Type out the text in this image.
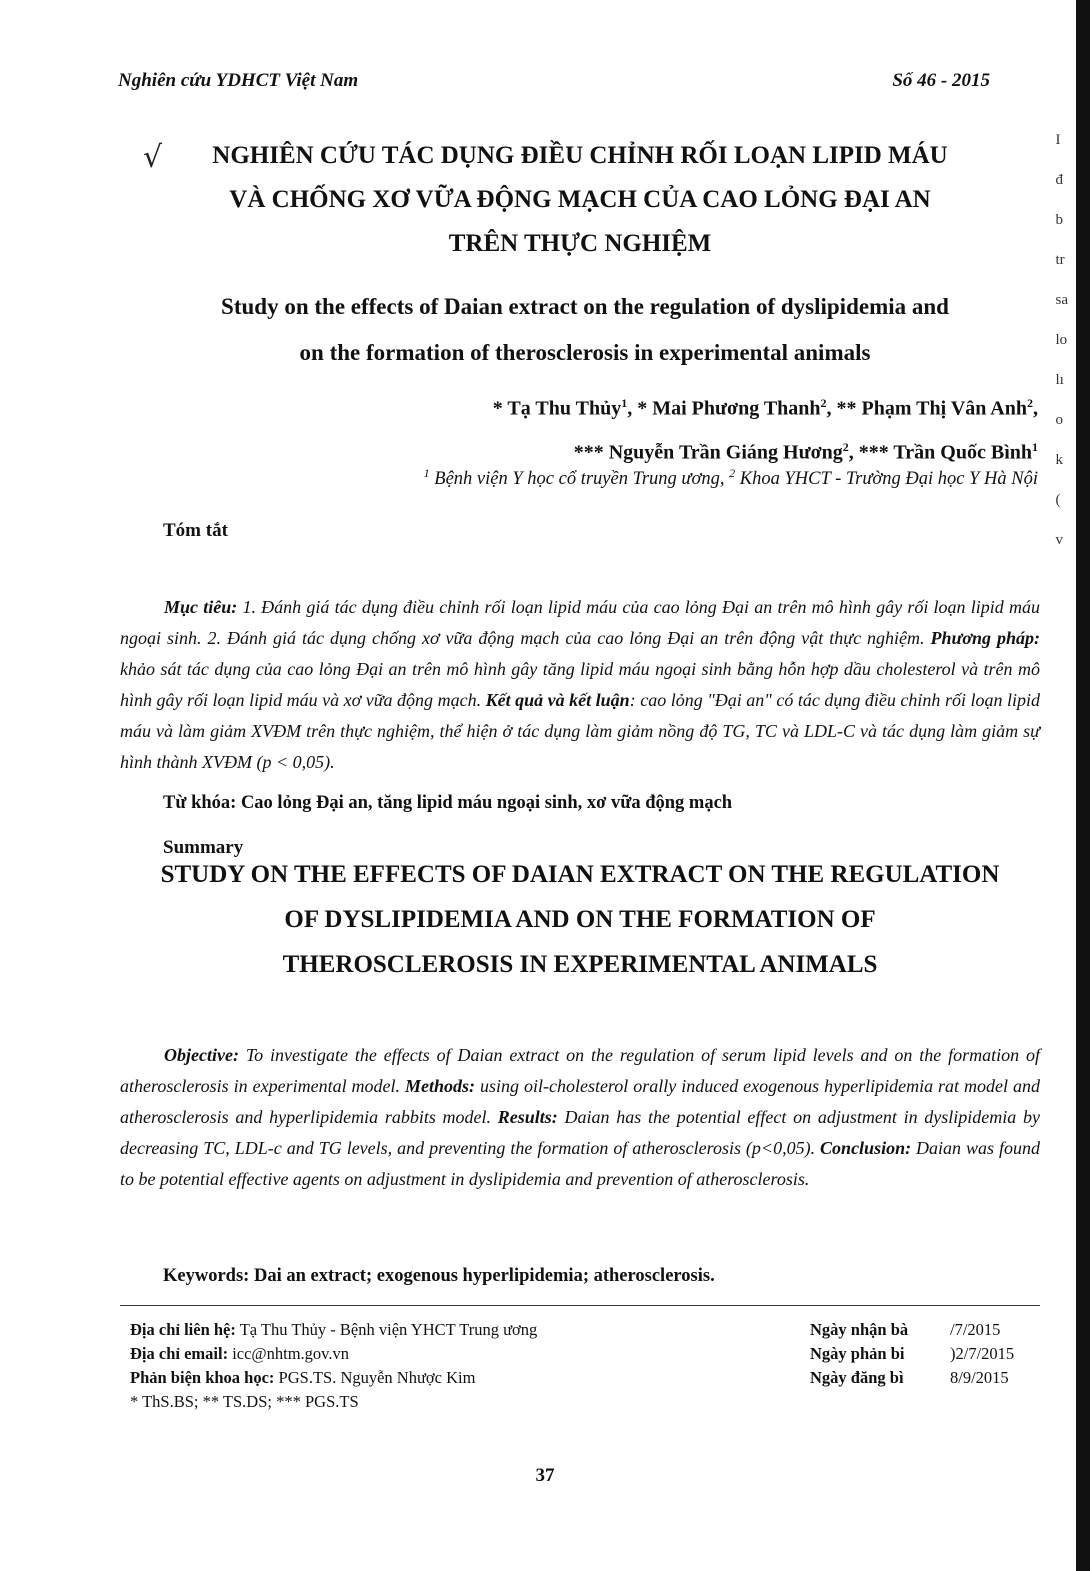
Nghiên cứu YDHCT Việt Nam	Số 46 - 2015
√	NGHIÊN CỨU TÁC DỤNG ĐIỀU CHỈNH RỐI LOẠN LIPID MÁU
VÀ CHỐNG XƠ VỮA ĐỘNG MẠCH CỦA CAO LỎNG ĐẠI AN
TRÊN THỰC NGHIỆM
Study on the effects of Daian extract on the regulation of dyslipidemia and
on the formation of therosclerosis in experimental animals
* Tạ Thu Thủy$^1$, * Mai Phương Thanh$^2$, ** Phạm Thị Vân Anh$^2$,
*** Nguyễn Trần Giáng Hương$^2$, *** Trần Quốc Bình$^1$
$^1$ Bệnh viện Y học cổ truyền Trung ương, $^2$ Khoa YHCT - Trường Đại học Y Hà Nội
Tóm tắt
Mục tiêu: 1. Đánh giá tác dụng điều chỉnh rối loạn lipid máu của cao lỏng Đại an trên mô hình gây rối loạn lipid máu ngoại sinh. 2. Đánh giá tác dụng chống xơ vữa động mạch của cao lỏng Đại an trên động vật thực nghiệm. Phương pháp: khảo sát tác dụng của cao lỏng Đại an trên mô hình gây tăng lipid máu ngoại sinh bằng hỗn hợp dầu cholesterol và trên mô hình gây rối loạn lipid máu và xơ vữa động mạch. Kết quả và kết luận: cao lỏng "Đại an" có tác dụng điều chỉnh rối loạn lipid máu và làm giảm XVĐM trên thực nghiệm, thể hiện ở tác dụng làm giảm nồng độ TG, TC và LDL-C và tác dụng làm giảm sự hình thành XVĐM (p < 0,05).
Từ khóa: Cao lỏng Đại an, tăng lipid máu ngoại sinh, xơ vữa động mạch
Summary
STUDY ON THE EFFECTS OF DAIAN EXTRACT ON THE REGULATION
OF DYSLIPIDEMIA AND ON THE FORMATION OF
THEROSCLEROSIS IN EXPERIMENTAL ANIMALS
Objective: To investigate the effects of Daian extract on the regulation of serum lipid levels and on the formation of atherosclerosis in experimental model. Methods: using oil-cholesterol orally induced exogenous hyperlipidemia rat model and atherosclerosis and hyperlipidemia rabbits model. Results: Daian has the potential effect on adjustment in dyslipidemia by decreasing TC, LDL-c and TG levels, and preventing the formation of atherosclerosis (p<0,05). Conclusion: Daian was found to be potential effective agents on adjustment in dyslipidemia and prevention of atherosclerosis.
Keywords: Dai an extract; exogenous hyperlipidemia; atherosclerosis.
Địa chỉ liên hệ: Tạ Thu Thủy - Bệnh viện YHCT Trung ương	Ngày nhận bà	/7/2015
Địa chỉ email: icc@nhtm.gov.vn	Ngày phản bi	)2/7/2015
Phản biện khoa học: PGS.TS. Nguyễn Nhược Kim	Ngày đăng bì	8/9/2015
* ThS.BS; ** TS.DS; *** PGS.TS
37
I
đ
b
tr
sa
lo
lı
o
k
(
v
